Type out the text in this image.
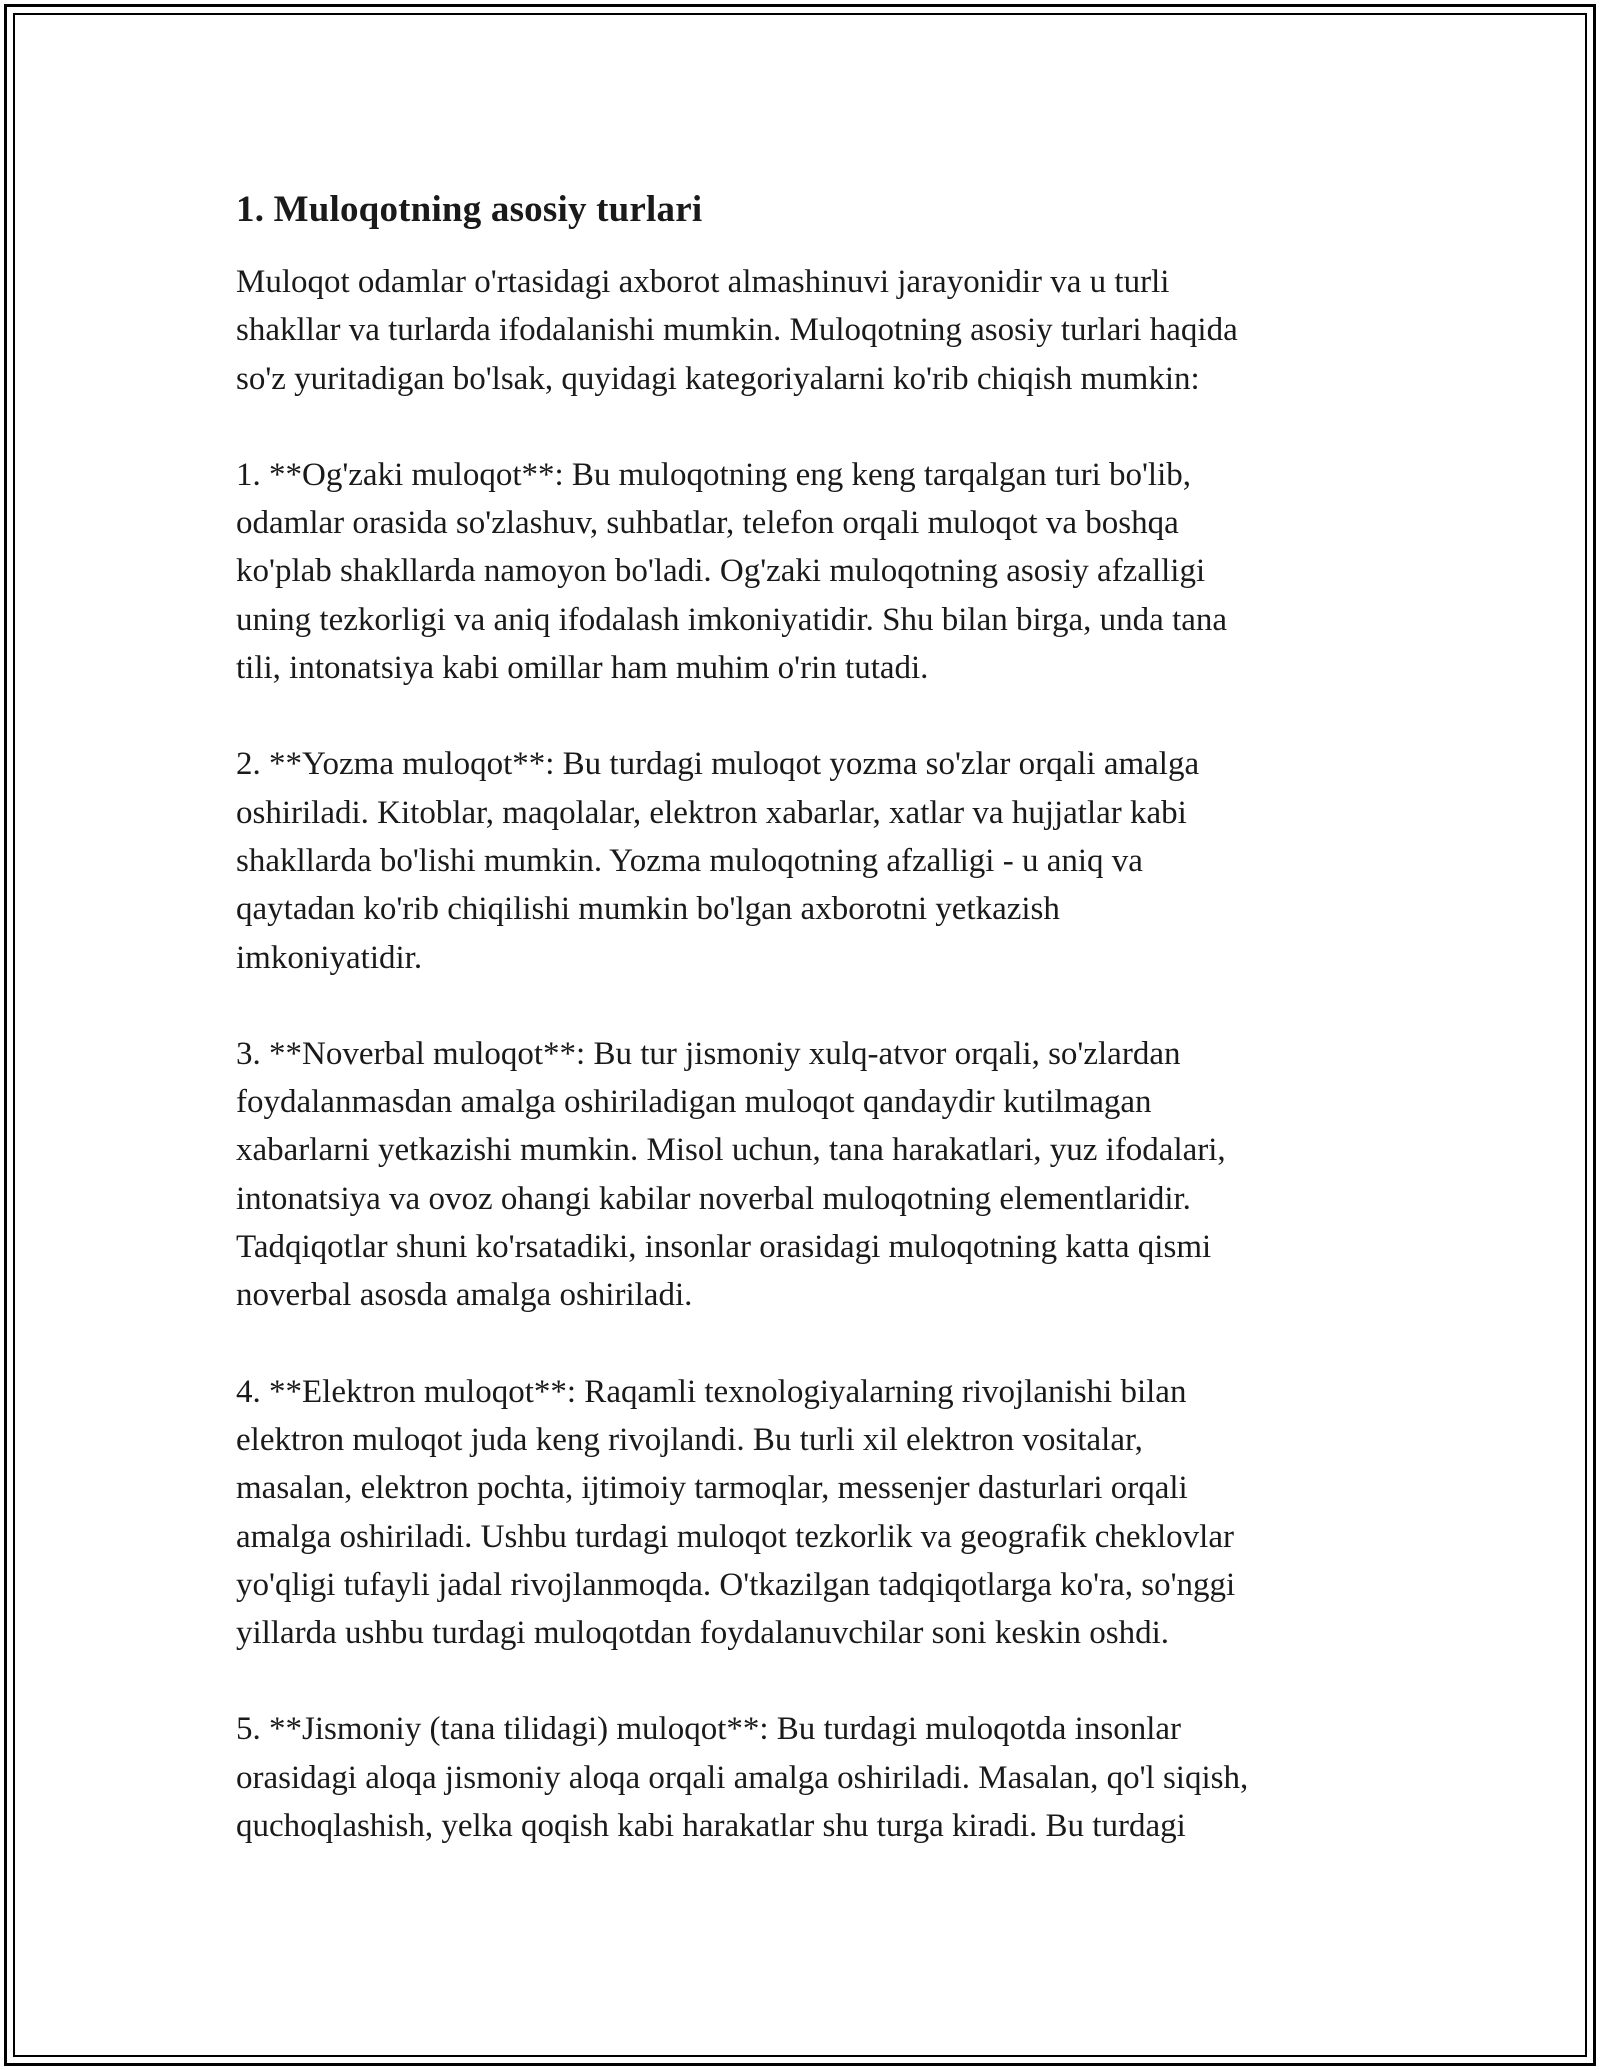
1. Muloqotning asosiy turlari

Muloqot odamlar o'rtasidagi axborot almashinuvi jarayonidir va u turli
shakllar va turlarda ifodalanishi mumkin. Muloqotning asosiy turlari haqida
so'z yuritadigan bo'lsak, quyidagi kategoriyalarni ko'rib chiqish mumkin:

1. **Og'zaki muloqot**: Bu muloqotning eng keng tarqalgan turi bo'lib,
odamlar orasida so'zlashuv, suhbatlar, telefon orqali muloqot va boshqa
ko'plab shakllarda namoyon bo'ladi. Og'zaki muloqotning asosiy afzalligi
uning tezkorligi va aniq ifodalash imkoniyatidir. Shu bilan birga, unda tana
tili, intonatsiya kabi omillar ham muhim o'rin tutadi.

2. **Yozma muloqot**: Bu turdagi muloqot yozma so'zlar orqali amalga
oshiriladi. Kitoblar, maqolalar, elektron xabarlar, xatlar va hujjatlar kabi
shakllarda bo'lishi mumkin. Yozma muloqotning afzalligi - u aniq va
qaytadan ko'rib chiqilishi mumkin bo'lgan axborotni yetkazish
imkoniyatidir.

3. **Noverbal muloqot**: Bu tur jismoniy xulq-atvor orqali, so'zlardan
foydalanmasdan amalga oshiriladigan muloqot qandaydir kutilmagan
xabarlarni yetkazishi mumkin. Misol uchun, tana harakatlari, yuz ifodalari,
intonatsiya va ovoz ohangi kabilar noverbal muloqotning elementlaridir.
Tadqiqotlar shuni ko'rsatadiki, insonlar orasidagi muloqotning katta qismi
noverbal asosda amalga oshiriladi.

4. **Elektron muloqot**: Raqamli texnologiyalarning rivojlanishi bilan
elektron muloqot juda keng rivojlandi. Bu turli xil elektron vositalar,
masalan, elektron pochta, ijtimoiy tarmoqlar, messenjer dasturlari orqali
amalga oshiriladi. Ushbu turdagi muloqot tezkorlik va geografik cheklovlar
yo'qligi tufayli jadal rivojlanmoqda. O'tkazilgan tadqiqotlarga ko'ra, so'nggi
yillarda ushbu turdagi muloqotdan foydalanuvchilar soni keskin oshdi.

5. **Jismoniy (tana tilidagi) muloqot**: Bu turdagi muloqotda insonlar
orasidagi aloqa jismoniy aloqa orqali amalga oshiriladi. Masalan, qo'l siqish,
quchoqlashish, yelka qoqish kabi harakatlar shu turga kiradi. Bu turdagi
